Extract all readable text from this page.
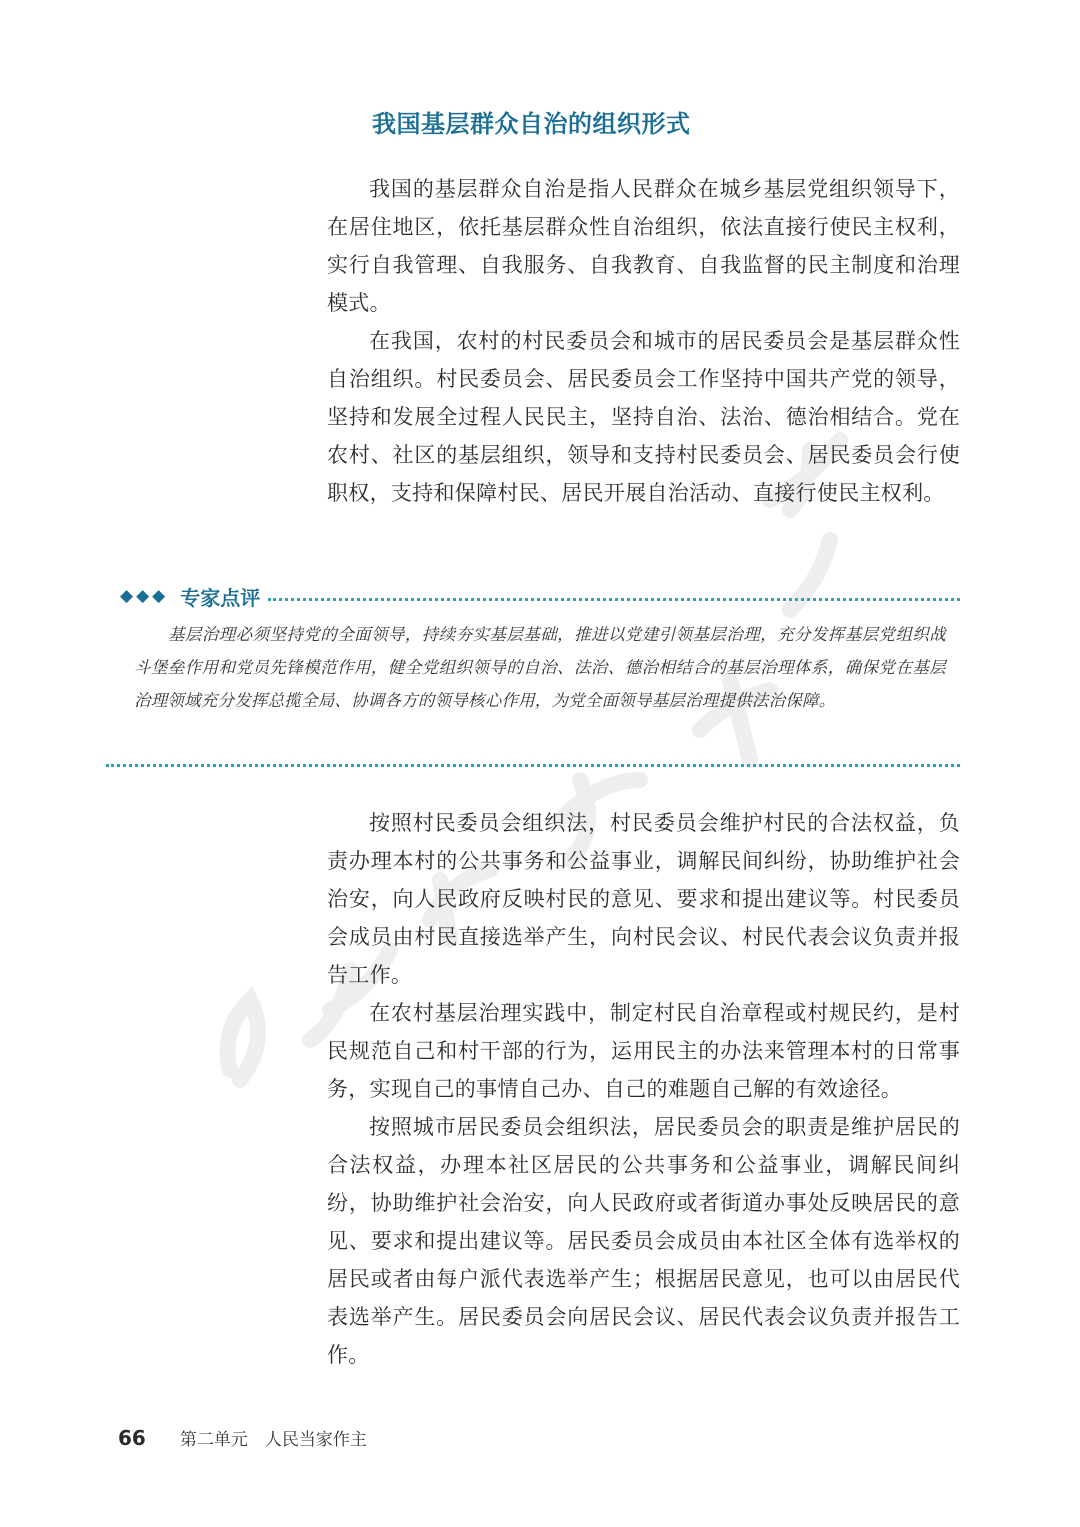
我国基层群众自治的组织形式

我国的基层群众自治是指人民群众在城乡基层党组织领导下，在居住地区，依托基层群众性自治组织，依法直接行使民主权利，实行自我管理、自我服务、自我教育、自我监督的民主制度和治理模式。

在我国，农村的村民委员会和城市的居民委员会是基层群众性自治组织。村民委员会、居民委员会工作坚持中国共产党的领导，坚持和发展全过程人民民主，坚持自治、法治、德治相结合。党在农村、社区的基层组织，领导和支持村民委员会、居民委员会行使职权，支持和保障村民、居民开展自治活动、直接行使民主权利。

◆◆◆ 专家点评

基层治理必须坚持党的全面领导，持续夯实基层基础，推进以党建引领基层治理，充分发挥基层党组织战斗堡垒作用和党员先锋模范作用，健全党组织领导的自治、法治、德治相结合的基层治理体系，确保党在基层治理领域充分发挥总揽全局、协调各方的领导核心作用，为党全面领导基层治理提供法治保障。

按照村民委员会组织法，村民委员会维护村民的合法权益，负责办理本村的公共事务和公益事业，调解民间纠纷，协助维护社会治安，向人民政府反映村民的意见、要求和提出建议等。村民委员会成员由村民直接选举产生，向村民会议、村民代表会议负责并报告工作。

在农村基层治理实践中，制定村民自治章程或村规民约，是村民规范自己和村干部的行为，运用民主的办法来管理本村的日常事务，实现自己的事情自己办、自己的难题自己解的有效途径。

按照城市居民委员会组织法，居民委员会的职责是维护居民的合法权益，办理本社区居民的公共事务和公益事业，调解民间纠纷，协助维护社会治安，向人民政府或者街道办事处反映居民的意见、要求和提出建议等。居民委员会成员由本社区全体有选举权的居民或者由每户派代表选举产生；根据居民意见，也可以由居民代表选举产生。居民委员会向居民会议、居民代表会议负责并报告工作。

66 第二单元　人民当家作主
